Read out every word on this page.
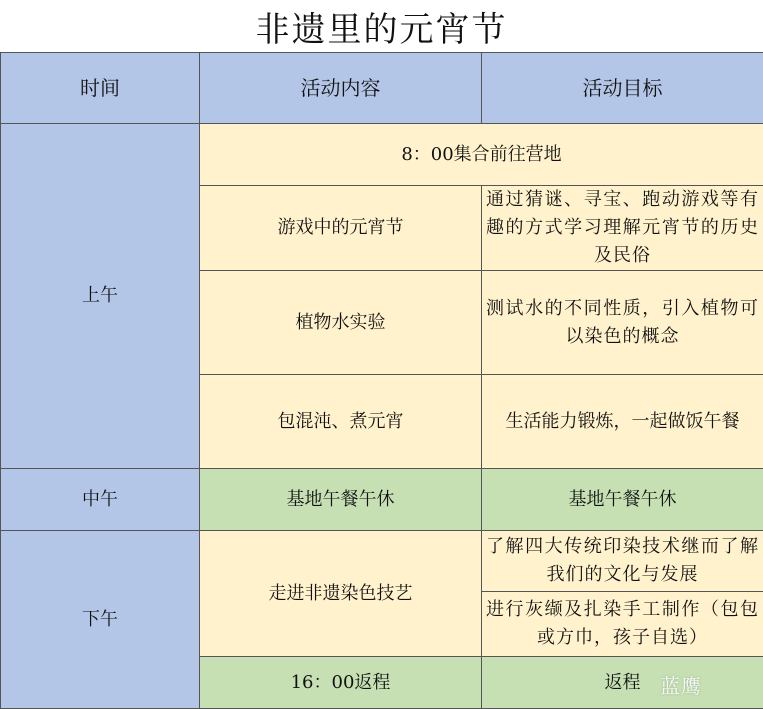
非遗里的元宵节
时间	活动内容	活动目标
上午	8：00集合前往营地	
	游戏中的元宵节	通过猜谜、寻宝、跑动游戏等有趣的方式学习理解元宵节的历史及民俗

	植物水实验	测试水的不同性质，引入植物可以染色的概念

	包混沌、煮元宵	生活能力锻炼，一起做饭午餐
中午	基地午餐午休	基地午餐午休
下午	走进非遗染色技艺	了解四大传统印染技术继而了解我们的文化与发展

		进行灰缬及扎染手工制作（包包或方巾，孩子自选）

	16：00返程	返程 蓝鹰
